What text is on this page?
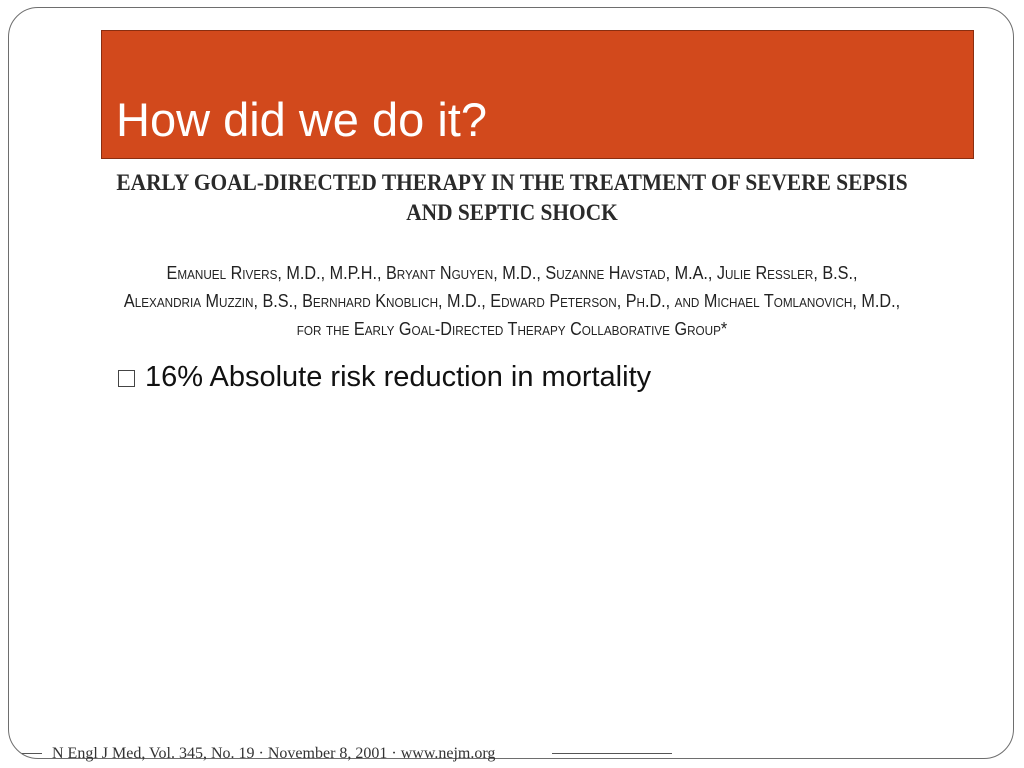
How did we do it?
EARLY GOAL-DIRECTED THERAPY IN THE TREATMENT OF SEVERE SEPSIS
AND SEPTIC SHOCK
Emanuel Rivers, M.D., M.P.H., Bryant Nguyen, M.D., Suzanne Havstad, M.A., Julie Ressler, B.S.,
Alexandria Muzzin, B.S., Bernhard Knoblich, M.D., Edward Peterson, Ph.D., and Michael Tomlanovich, M.D.,
for the Early Goal-Directed Therapy Collaborative Group*
16% Absolute risk reduction in mortality
N Engl J Med, Vol. 345, No. 19 · November 8, 2001 · www.nejm.org
